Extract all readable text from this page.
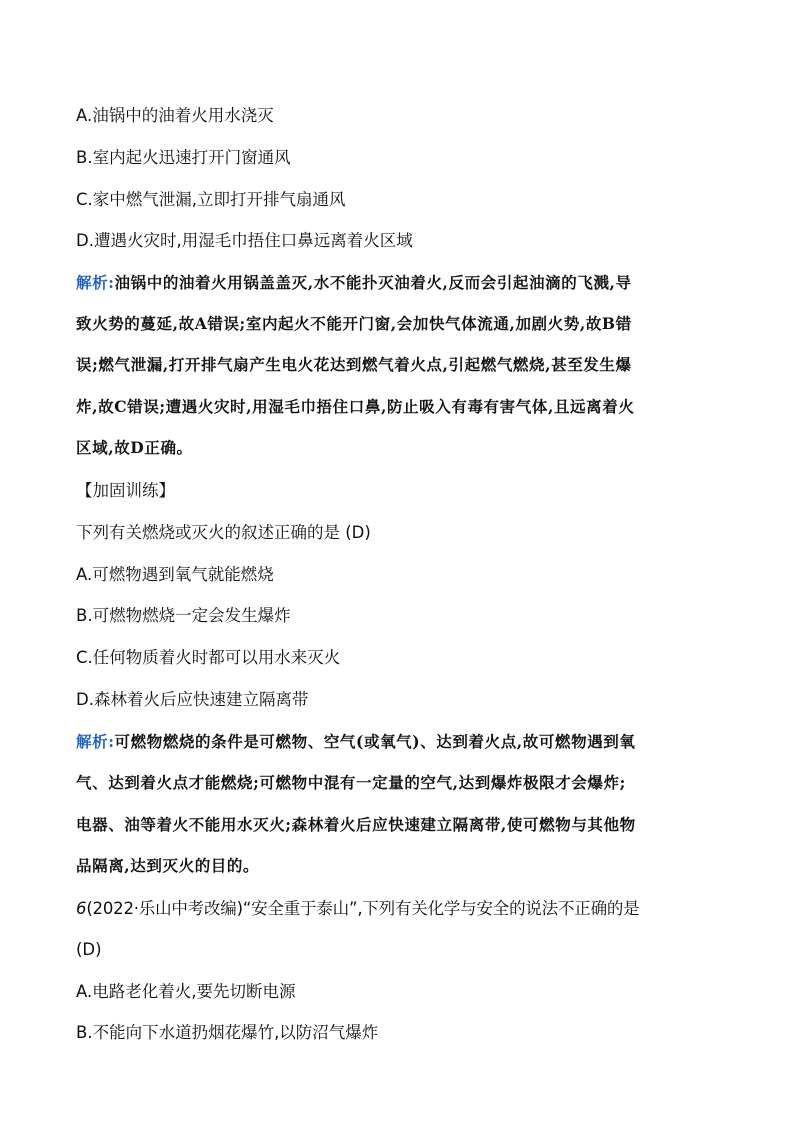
A.油锅中的油着火用水浇灭
B.室内起火迅速打开门窗通风
C.家中燃气泄漏,立即打开排气扇通风
D.遭遇火灾时,用湿毛巾捂住口鼻远离着火区域
解析:油锅中的油着火用锅盖盖灭,水不能扑灭油着火,反而会引起油滴的飞溅,导
致火势的蔓延,故A错误;室内起火不能开门窗,会加快气体流通,加剧火势,故B错
误;燃气泄漏,打开排气扇产生电火花达到燃气着火点,引起燃气燃烧,甚至发生爆
炸,故C错误;遭遇火灾时,用湿毛巾捂住口鼻,防止吸入有毒有害气体,且远离着火
区域,故D正确。
【加固训练】
下列有关燃烧或灭火的叙述正确的是 (D)
A.可燃物遇到氧气就能燃烧
B.可燃物燃烧一定会发生爆炸
C.任何物质着火时都可以用水来灭火
D.森林着火后应快速建立隔离带
解析:可燃物燃烧的条件是可燃物、空气(或氧气)、达到着火点,故可燃物遇到氧
气、达到着火点才能燃烧;可燃物中混有一定量的空气,达到爆炸极限才会爆炸;
电器、油等着火不能用水灭火;森林着火后应快速建立隔离带,使可燃物与其他物
品隔离,达到灭火的目的。
6(2022·乐山中考改编)“安全重于泰山”,下列有关化学与安全的说法不正确的是
(D)
A.电路老化着火,要先切断电源
B.不能向下水道扔烟花爆竹,以防沼气爆炸
